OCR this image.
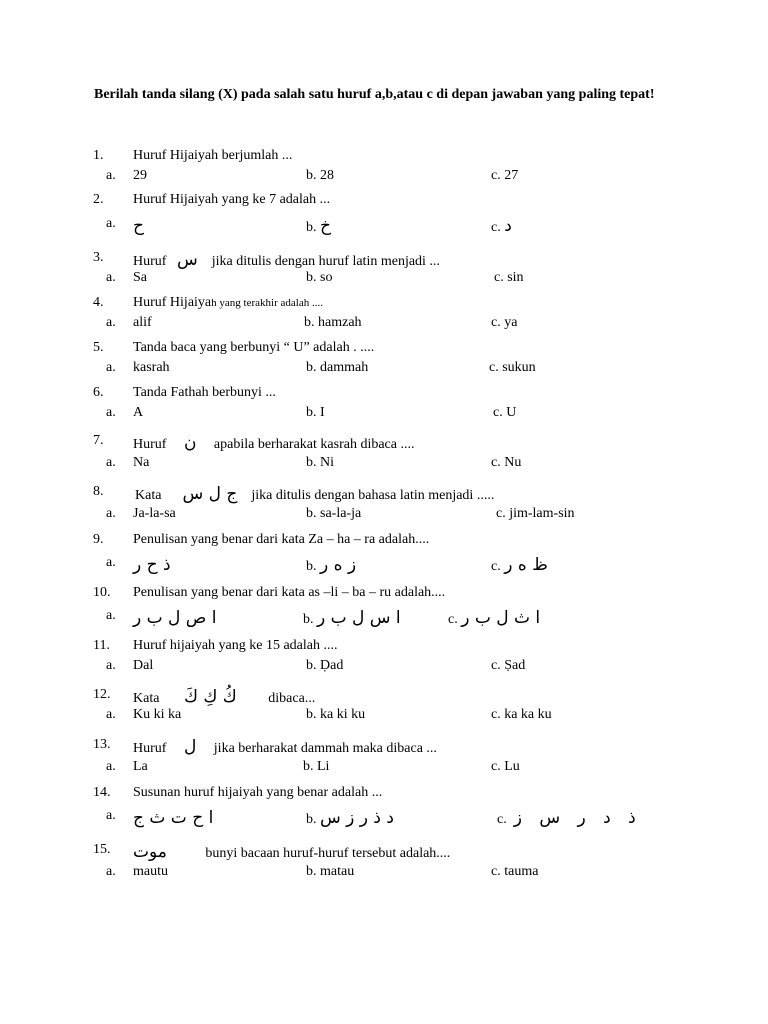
Berilah tanda silang (X) pada salah satu huruf a,b,atau c di depan jawaban yang paling tepat!
1. Huruf Hijaiyah berjumlah ...
a. 29	b. 28	c. 27
2. Huruf Hijaiyah yang ke 7 adalah ...
a. ح	b. خ	c. د
3. Huruf س jika ditulis dengan huruf latin menjadi ...
a. Sa	b. so	c. sin
4. Huruf Hijaiyah yang terakhir adalah ....
a. alif	b. hamzah	c. ya
5. Tanda baca yang berbunyi “ U” adalah . ....
a. kasrah	b. dammah	c. sukun
6. Tanda Fathah berbunyi ...
a. A	b. I	c. U
7. Huruf ن apabila berharakat kasrah dibaca ....
a. Na	b. Ni	c. Nu
8. Kata ج ل س jika ditulis dengan bahasa latin menjadi .....
a. Ja-la-sa	b. sa-la-ja	c. jim-lam-sin
9. Penulisan yang benar dari kata Za – ha – ra adalah....
a. ذ ح ر	b. ز ه ر	c. ظ ه ر
10. Penulisan yang benar dari kata as –li – ba – ru adalah....
a. ا ص ل ب ر	b. ا س ل ب ر	c. ا ث ل ب ر
11. Huruf hijaiyah yang ke 15 adalah ....
a. Dal	b. Ḍad	c. Ṣad
12. Kata كُ كِ كَ dibaca...
a. Ku ki ka	b. ka ki ku	c. ka ka ku
13. Huruf ل jika berharakat dammah maka dibaca ...
a. La	b. Li	c. Lu
14. Susunan huruf hijaiyah yang benar adalah ...
a. ا ح ت ث ج	b. د ذ ر ز س	c. ذ د ر س ز
15. موت	bunyi bacaan huruf-huruf tersebut adalah....
a. mautu	b. matau	c. tauma
